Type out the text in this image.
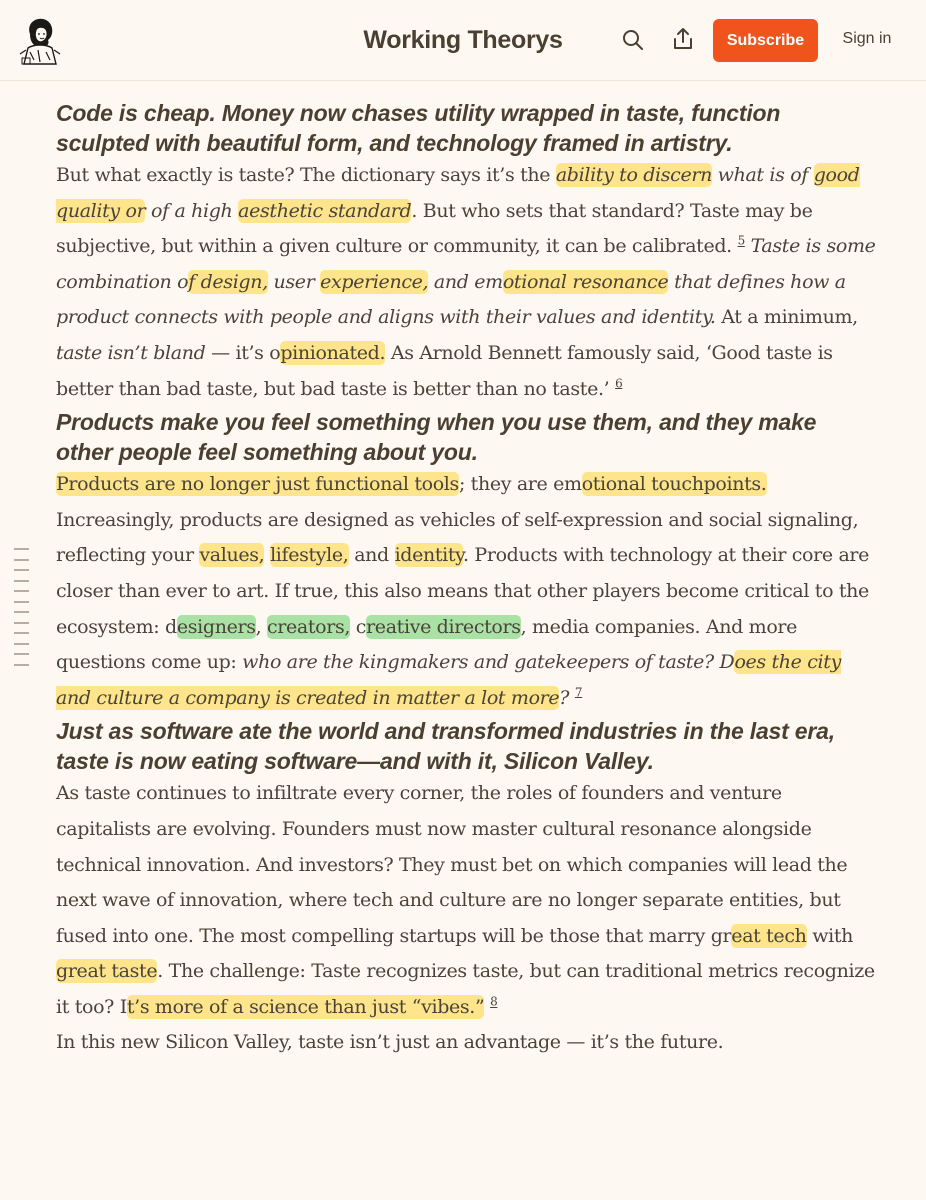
Working Theorys	Subscribe	Sign in
Code is cheap. Money now chases utility wrapped in taste, function sculpted with beautiful form, and technology framed in artistry.

But what exactly is taste? The dictionary says it’s the ability to discern what is of good quality or of a high aesthetic standard. But who sets that standard? Taste may be subjective, but within a given culture or community, it can be calibrated. $^5$ Taste is some combination of design, user experience, and emotional resonance that defines how a product connects with people and aligns with their values and identity. At a minimum, taste isn’t bland — it’s opinionated. As Arnold Bennett famously said, ‘Good taste is better than bad taste, but bad taste is better than no taste.’ $^6$

Products make you feel something when you use them, and they make other people feel something about you.

Products are no longer just functional tools; they are emotional touchpoints. Increasingly, products are designed as vehicles of self-expression and social signaling, reflecting your values, lifestyle, and identity. Products with technology at their core are closer than ever to art. If true, this also means that other players become critical to the ecosystem: designers, creators, creative directors, media companies. And more questions come up: who are the kingmakers and gatekeepers of taste? Does the city and culture a company is created in matter a lot more? $^7$

Just as software ate the world and transformed industries in the last era, taste is now eating software—and with it, Silicon Valley.

As taste continues to infiltrate every corner, the roles of founders and venture capitalists are evolving. Founders must now master cultural resonance alongside technical innovation. And investors? They must bet on which companies will lead the next wave of innovation, where tech and culture are no longer separate entities, but fused into one. The most compelling startups will be those that marry great tech with great taste. The challenge: Taste recognizes taste, but can traditional metrics recognize it too? It’s more of a science than just “vibes.” $^8$

In this new Silicon Valley, taste isn’t just an advantage — it’s the future.
